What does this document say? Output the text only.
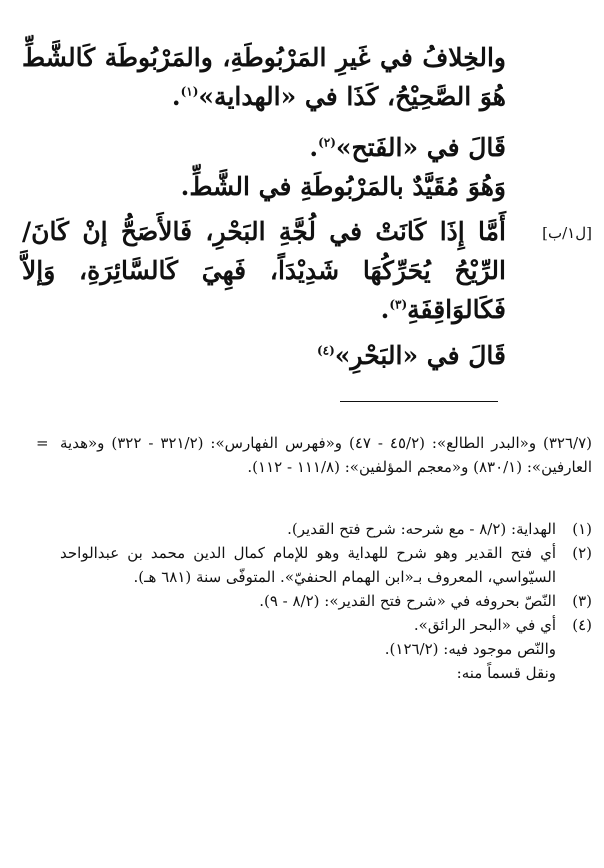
والخِلافُ في غَيرِ المَرْبُوطَةِ، والمَرْبُوطَة كَالشَّطِّ هُوَ الصَّحِيْحُ، كَذَا في «الهداية»$^{(١)}$.
قَالَ في «الفَتح»$^{(٢)}$.
وَهُوَ مُقَيَّدٌ بالمَرْبُوطَةِ في الشَّطِّ.
أَمَّا إِذَا كَانَتْ في لُجَّةِ البَحْرِ، فَالأَصَحُّ إنْ كَانَ/ الرِّيْحُ يُحَرِّكُهَا شَدِيْدَاً، فَهِيَ كَالسَّائِرَةِ، وَإلاَّ فَكَالوَاقِفَةِ$^{(٣)}$.
[ل١/ب]
قَالَ في «البَحْرِ»$^{(٤)}$
= (٣٢٦/٧) و«البدر الطالع»: (٤٥/٢ - ٤٧) و«فهرس الفهارس»: (٣٢١/٢ - ٣٢٢) و«هدية العارفين»: (٨٣٠/١) و«معجم المؤلفين»: (١١١/٨ - ١١٢).
(١)
الهداية: (٨/٢ - مع شرحه: شرح فتح القدير).
(٢)
أي فتح القدير وهو شرح للهداية وهو للإمام كمال الدين محمد بن عبدالواحد السيّواسي، المعروف بـ«ابن الهمام الحنفيّ». المتوفّى سنة (٦٨١ هـ).
(٣)
النّصّ بحروفه في «شرح فتح القدير»: (٨/٢ - ٩).
(٤)
أي في «البحر الرائق».
والنّص موجود فيه: (١٢٦/٢).
ونقل قسماً منه:
